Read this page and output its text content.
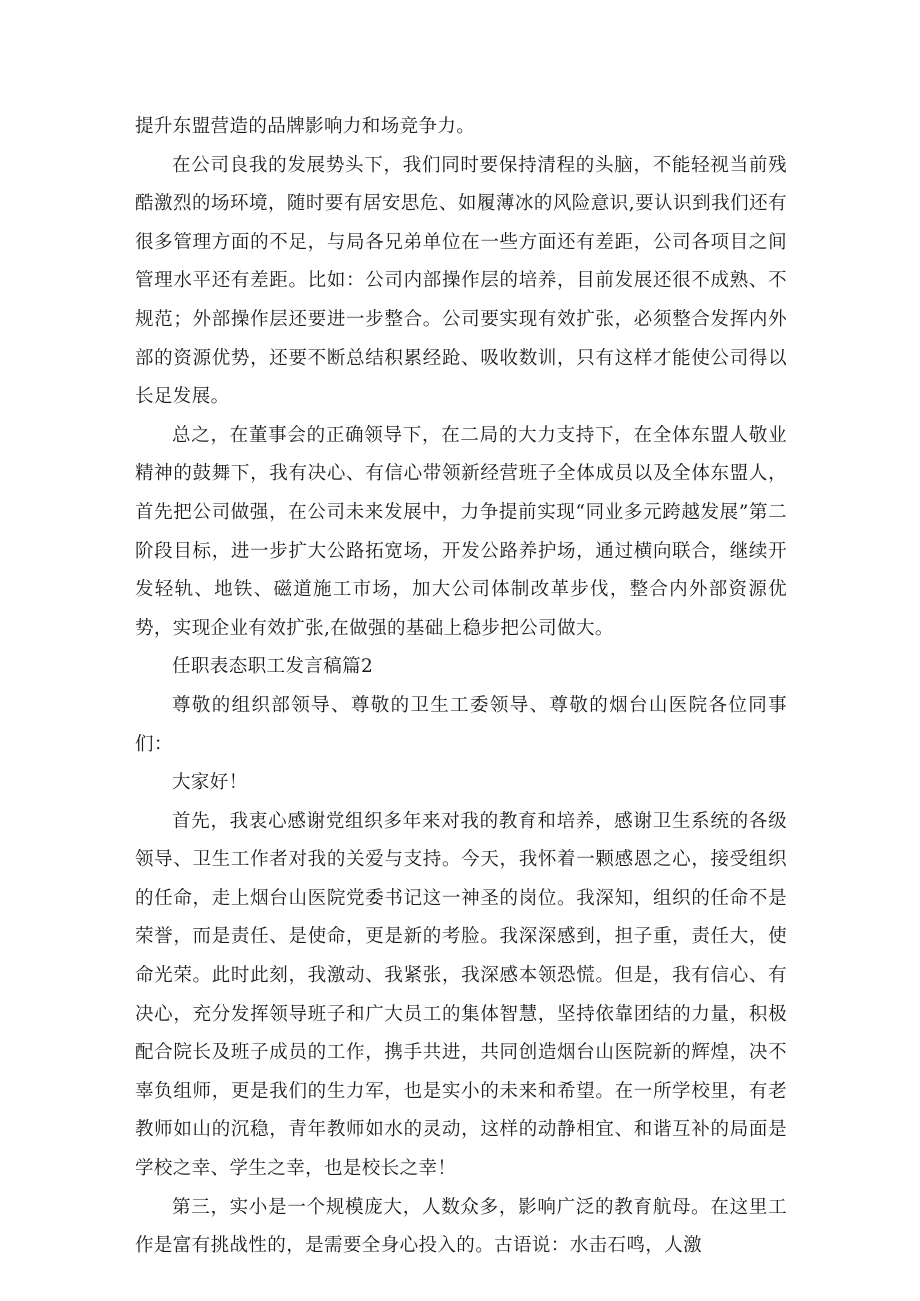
提升东盟营造的品牌影响力和场竞争力。

在公司良我的发展势头下，我们同时要保持清程的头脑，不能轻视当前残酷激烈的场环境，随时要有居安思危、如履薄冰的风险意识,要认识到我们还有很多管理方面的不足，与局各兄弟单位在一些方面还有差距，公司各项目之间管理水平还有差距。比如：公司内部操作层的培养，目前发展还很不成熟、不规范；外部操作层还要进一步整合。公司要实现有效扩张，必须整合发挥内外部的资源优势，还要不断总结积累经跄、吸收数训，只有这样才能使公司得以长足发展。

总之，在董事会的正确领导下，在二局的大力支持下，在全体东盟人敬业精神的鼓舞下，我有决心、有信心带领新经营班子全体成员以及全体东盟人，首先把公司做强，在公司未来发展中，力争提前实现“同业多元跨越发展”第二阶段目标，进一步扩大公路拓宽场，开发公路养护场，通过横向联合，继续开发轻轨、地铁、磁道施工市场，加大公司体制改革步伐，整合内外部资源优势，实现企业有效扩张,在做强的基础上稳步把公司做大。

任职表态职工发言稿篇2

尊敬的组织部领导、尊敬的卫生工委领导、尊敬的烟台山医院各位同事们：

大家好！

首先，我衷心感谢党组织多年来对我的教育和培养，感谢卫生系统的各级领导、卫生工作者对我的关爱与支持。今天，我怀着一颗感恩之心，接受组织的任命，走上烟台山医院党委书记这一神圣的岗位。我深知，组织的任命不是荣誉，而是责任、是使命，更是新的考脸。我深深感到，担子重，责任大，使命光荣。此时此刻，我激动、我紧张，我深感本领恐慌。但是，我有信心、有决心，充分发挥领导班子和广大员工的集体智慧，坚持依靠团结的力量，积极配合院长及班子成员的工作，携手共进，共同创造烟台山医院新的辉煌，决不辜负组师，更是我们的生力军，也是实小的未来和希望。在一所学校里，有老教师如山的沉稳，青年教师如水的灵动，这样的动静相宜、和谐互补的局面是学校之幸、学生之幸，也是校长之幸！

第三，实小是一个规模庞大，人数众多，影响广泛的教育航母。在这里工作是富有挑战性的，是需要全身心投入的。古语说：水击石鸣，人激
